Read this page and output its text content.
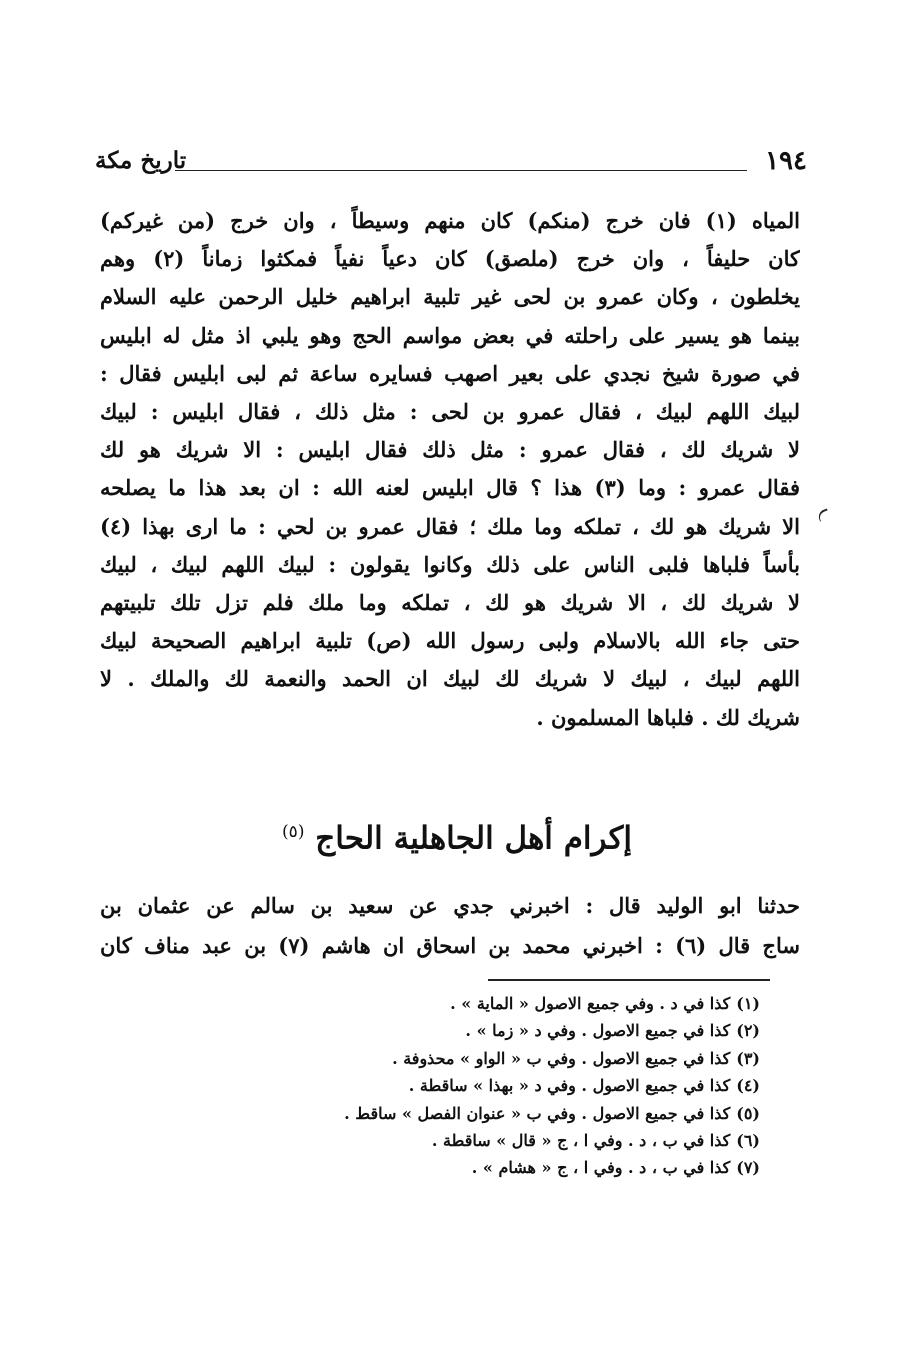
١٩٤
تاريخ مكة
المياه (١) فان خرج (منكم) كان منهم وسيطاً ، وان خرج (من غيركم)
كان حليفاً ، وان خرج (ملصق) كان دعياً نفياً فمكثوا زماناً (٢) وهم
يخلطون ، وكان عمرو بن لحى غير تلبية ابراهيم خليل الرحمن عليه السلام
بينما هو يسير على راحلته في بعض مواسم الحج وهو يلبي اذ مثل له ابليس
في صورة شيخ نجدي على بعير اصهب فسايره ساعة ثم لبى ابليس فقال :
لبيك اللهم لبيك ، فقال عمرو بن لحى : مثل ذلك ، فقال ابليس : لبيك
لا شريك لك ، فقال عمرو : مثل ذلك فقال ابليس : الا شريك هو لك
فقال عمرو : وما (٣) هذا ؟ قال ابليس لعنه الله : ان بعد هذا ما يصلحه
الا شريك هو لك ، تملكه وما ملك ؛ فقال عمرو بن لحي : ما ارى بهذا (٤)
بأساً فلباها فلبى الناس على ذلك وكانوا يقولون : لبيك اللهم لبيك ، لبيك
لا شريك لك ، الا شريك هو لك ، تملكه وما ملك فلم تزل تلك تلبيتهم
حتى جاء الله بالاسلام ولبى رسول الله (ص) تلبية ابراهيم الصحيحة لبيك
اللهم لبيك ، لبيك لا شريك لك لبيك ان الحمد والنعمة لك والملك . لا
شريك لك . فلباها المسلمون .
إكرام أهل الجاهلية الحاج $^{(٥)}$
حدثنا ابو الوليد قال : اخبرني جدي عن سعيد بن سالم عن عثمان بن
ساج قال (٦) : اخبرني محمد بن اسحاق ان هاشم (٧) بن عبد مناف كان
(١)كذا في د . وفي جميع الاصول « الماية » .
(٢)كذا في جميع الاصول . وفي د « زما » .
(٣)كذا في جميع الاصول . وفي ب « الواو » محذوفة .
(٤)كذا في جميع الاصول . وفي د « بهذا » ساقطة .
(٥)كذا في جميع الاصول . وفي ب « عنوان الفصل » ساقط .
(٦)كذا في ب ، د . وفي ا ، ج « قال » ساقطة .
(٧)كذا في ب ، د . وفي ا ، ج « هشام » .
